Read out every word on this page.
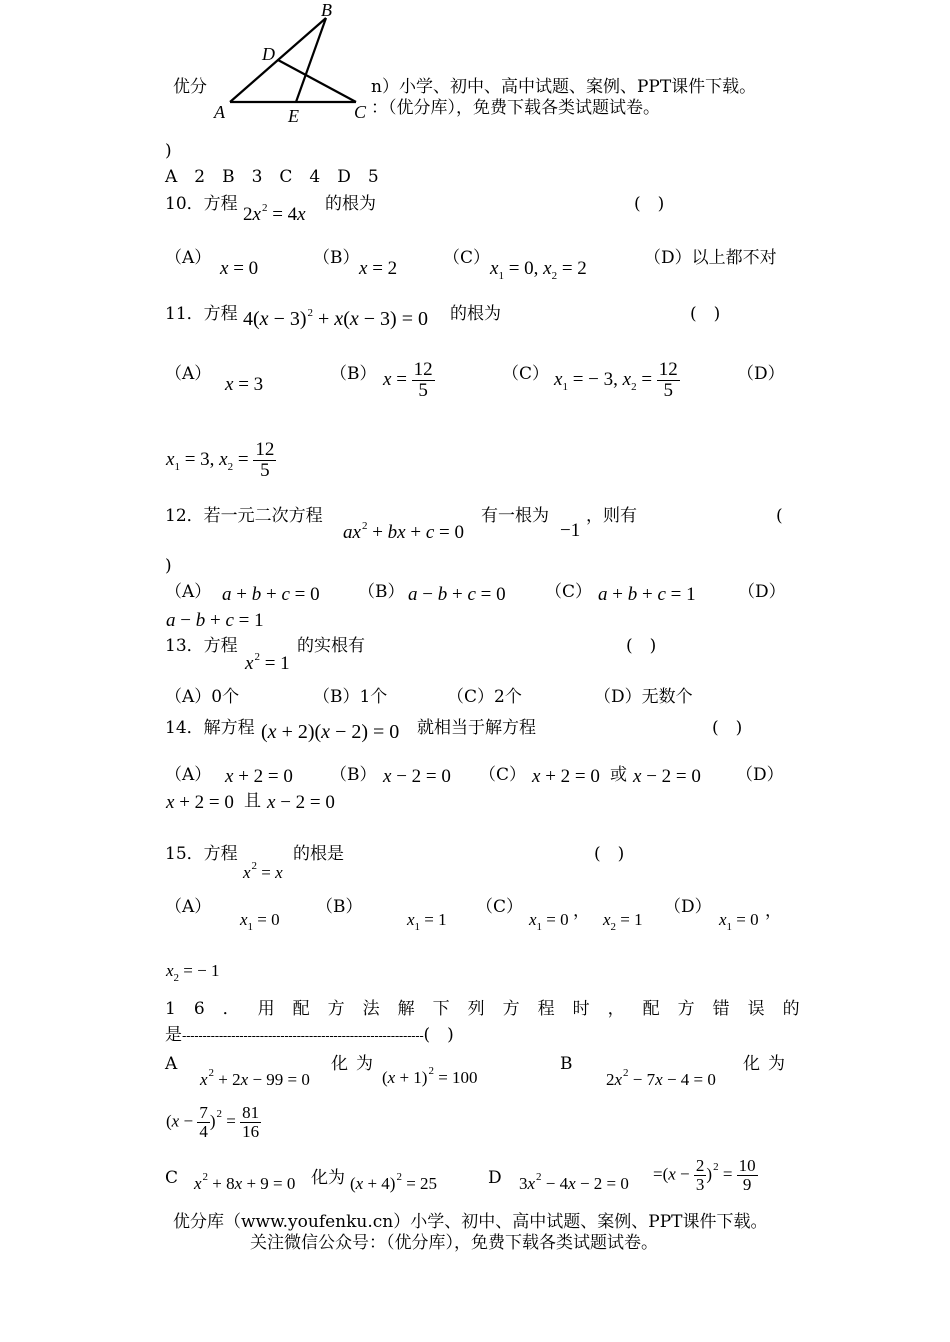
优分	n）小学、初中、高中试题、案例、PPT课件下载。
：（优分库），免费下载各类试题试卷。
A
B
C
D
E
)
A　2　B　3　C　4　D　5
10．方程 $2x^2 = 4x$ 的根为	(　)
（A） x = 0	（B） x = 2	（C） $x_1 = 0$, $x_2 = 2$	（D）以上都不对
11．方程 $4(x - 3)^2 + x(x - 3) = 0$ 的根为	(　)
（A） x = 3	（B） $x = \frac{12}{5}$	（C） $x_1$ = − 3, $x_2 = \frac{12}{5}$	（D）
$x_1 = 3$, $x_2 = \frac{12}{5}$
12．若一元二次方程
$ax^2$ + bx + c = 0
有一根为
−1
，则有	(
)
（A） a + b + c = 0 （B） a − b + c = 0 （C） a + b + c = 1 （D）
a − b + c = 1
13．方程
$x^2 = 1$
的实根有	(　)
（A）0个	（B）1个	（C）2个	（D）无数个
14．解方程 (x + 2)(x − 2) = 0 就相当于解方程	(　)
（A） x + 2 = 0 （B） x − 2 = 0 （C） x + 2 = 0 或 x − 2 = 0 （D）
x + 2 = 0 且 x − 2 = 0
15．方程
$x^2 = x$
的根是	(　)
（A）
$x_1 = 0$
（B）
$x_1 = 1$
（C）
$x_1 = 0$ ， $x_2 = 1$
（D）
$x_1 = 0$ ，
$x_2$ = − 1
16．用配方法解下列方程时，配方错误的
是-----------------------------------------------------------(　)
A
$x^2 + 2x - 99 = 0$
化为
$(x + 1)^2 = 100$
B
$2x^2 - 7x - 4 = 0$
化为
$(x - \frac{7}{4} )^2 = \frac{81}{16}$
C $x^2 + 8x + 9 = 0$ 化为 $(x + 4)^2 = 25$	D $3x^2 - 4x - 2 = 0$
$=(x - \frac{2}{3} )^2 = \frac{10}{9}$
优分库（www.youfenku.cn）小学、初中、高中试题、案例、PPT课件下载。
关注微信公众号：（优分库），免费下载各类试题试卷。
